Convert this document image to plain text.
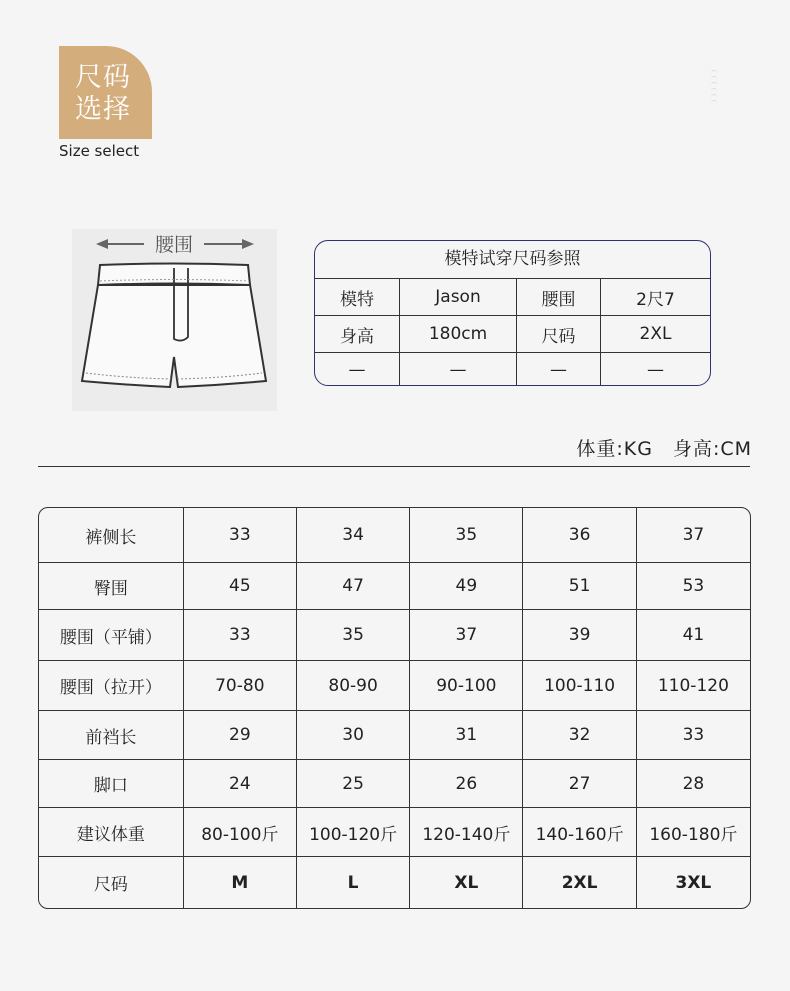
尺码
选择
Size select
腰围
模特试穿尺码参照
模特	Jason	腰围	2尺7
身高	180cm	尺码	2XL
—	—	—	—
体重:KG 身高:CM
裤侧长	33	34	35	36	37
臀围	45	47	49	51	53
腰围（平铺）	33	35	37	39	41
腰围（拉开）	70-80	80-90	90-100	100-110	110-120
前裆长	29	30	31	32	33
脚口	24	25	26	27	28
建议体重	80-100斤	100-120斤	120-140斤	140-160斤	160-180斤
尺码	M	L	XL	2XL	3XL
